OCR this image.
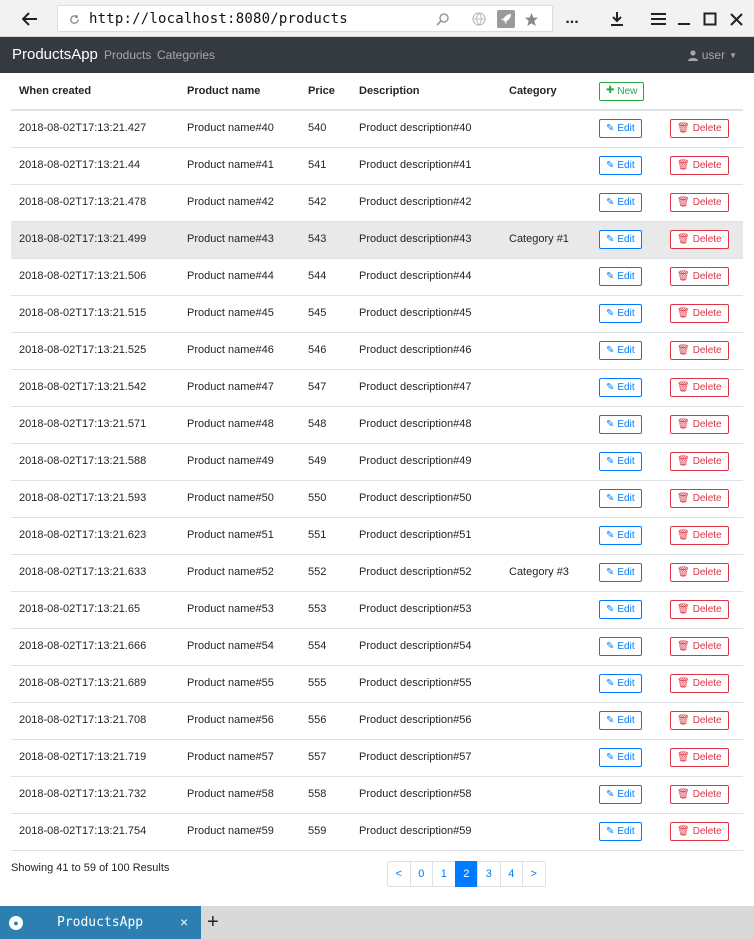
http://localhost:8080/products	...
ProductsApp Products Categories	user ▼
When created	Product name	Price	Description	Category	✚ New	

2018-08-02T17:13:21.427	Product name#40	540	Product description#40		✎ Edit	🗑 Delete

2018-08-02T17:13:21.44	Product name#41	541	Product description#41		✎ Edit	🗑 Delete

2018-08-02T17:13:21.478	Product name#42	542	Product description#42		✎ Edit	🗑 Delete

2018-08-02T17:13:21.499	Product name#43	543	Product description#43	Category #1	✎ Edit	🗑 Delete

2018-08-02T17:13:21.506	Product name#44	544	Product description#44		✎ Edit	🗑 Delete

2018-08-02T17:13:21.515	Product name#45	545	Product description#45		✎ Edit	🗑 Delete

2018-08-02T17:13:21.525	Product name#46	546	Product description#46		✎ Edit	🗑 Delete

2018-08-02T17:13:21.542	Product name#47	547	Product description#47		✎ Edit	🗑 Delete

2018-08-02T17:13:21.571	Product name#48	548	Product description#48		✎ Edit	🗑 Delete

2018-08-02T17:13:21.588	Product name#49	549	Product description#49		✎ Edit	🗑 Delete

2018-08-02T17:13:21.593	Product name#50	550	Product description#50		✎ Edit	🗑 Delete

2018-08-02T17:13:21.623	Product name#51	551	Product description#51		✎ Edit	🗑 Delete

2018-08-02T17:13:21.633	Product name#52	552	Product description#52	Category #3	✎ Edit	🗑 Delete

2018-08-02T17:13:21.65	Product name#53	553	Product description#53		✎ Edit	🗑 Delete

2018-08-02T17:13:21.666	Product name#54	554	Product description#54		✎ Edit	🗑 Delete

2018-08-02T17:13:21.689	Product name#55	555	Product description#55		✎ Edit	🗑 Delete

2018-08-02T17:13:21.708	Product name#56	556	Product description#56		✎ Edit	🗑 Delete

2018-08-02T17:13:21.719	Product name#57	557	Product description#57		✎ Edit	🗑 Delete

2018-08-02T17:13:21.732	Product name#58	558	Product description#58		✎ Edit	🗑 Delete

2018-08-02T17:13:21.754	Product name#59	559	Product description#59		✎ Edit	🗑 Delete
Showing 41 to 59 of 100 Results	<	0	1	2	3	4	>
●	ProductsApp	× +
